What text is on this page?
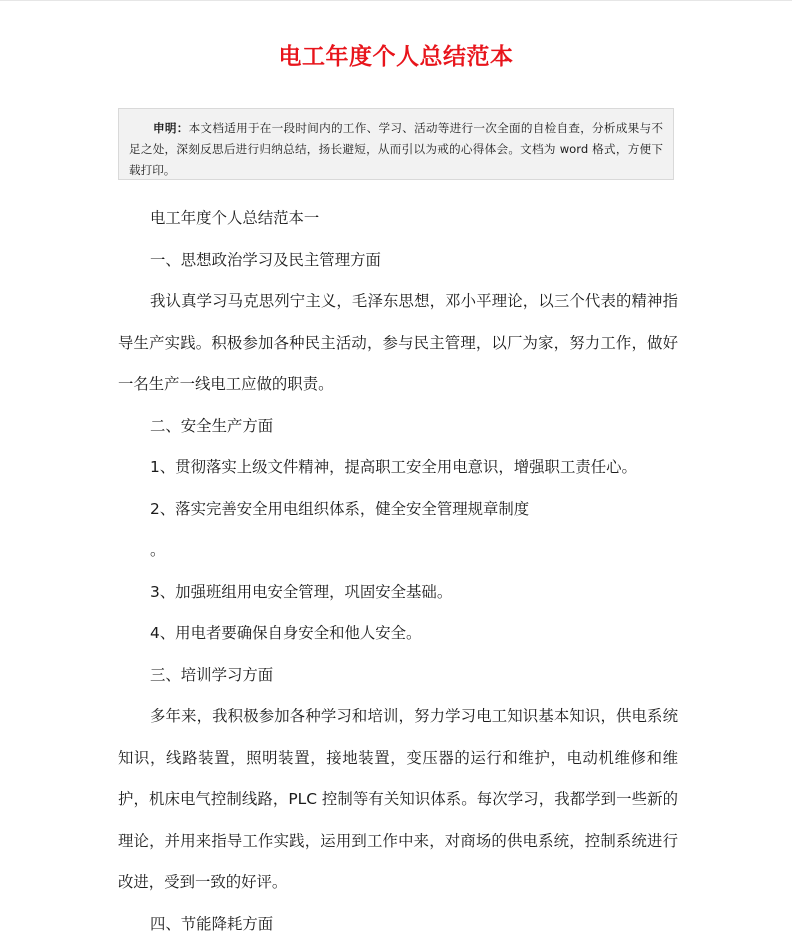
电工年度个人总结范本
申明：本文档适用于在一段时间内的工作、学习、活动等进行一次全面的自检自查，分析成果与不足之处，深刻反思后进行归纳总结，扬长避短，从而引以为戒的心得体会。文档为 word 格式，方便下载打印。

电工年度个人总结范本一

一、思想政治学习及民主管理方面

我认真学习马克思列宁主义，毛泽东思想，邓小平理论，以三个代表的精神指导生产实践。积极参加各种民主活动，参与民主管理，以厂为家，努力工作，做好一名生产一线电工应做的职责。

二、安全生产方面

1、贯彻落实上级文件精神，提高职工安全用电意识，增强职工责任心。

2、落实完善安全用电组织体系，健全安全管理规章制度

。

3、加强班组用电安全管理，巩固安全基础。

4、用电者要确保自身安全和他人安全。

三、培训学习方面

多年来，我积极参加各种学习和培训，努力学习电工知识基本知识，供电系统知识，线路装置，照明装置，接地装置，变压器的运行和维护，电动机维修和维护，机床电气控制线路，PLC 控制等有关知识体系。每次学习，我都学到一些新的理论，并用来指导工作实践，运用到工作中来，对商场的供电系统，控制系统进行改进，受到一致的好评。

四、节能降耗方面
